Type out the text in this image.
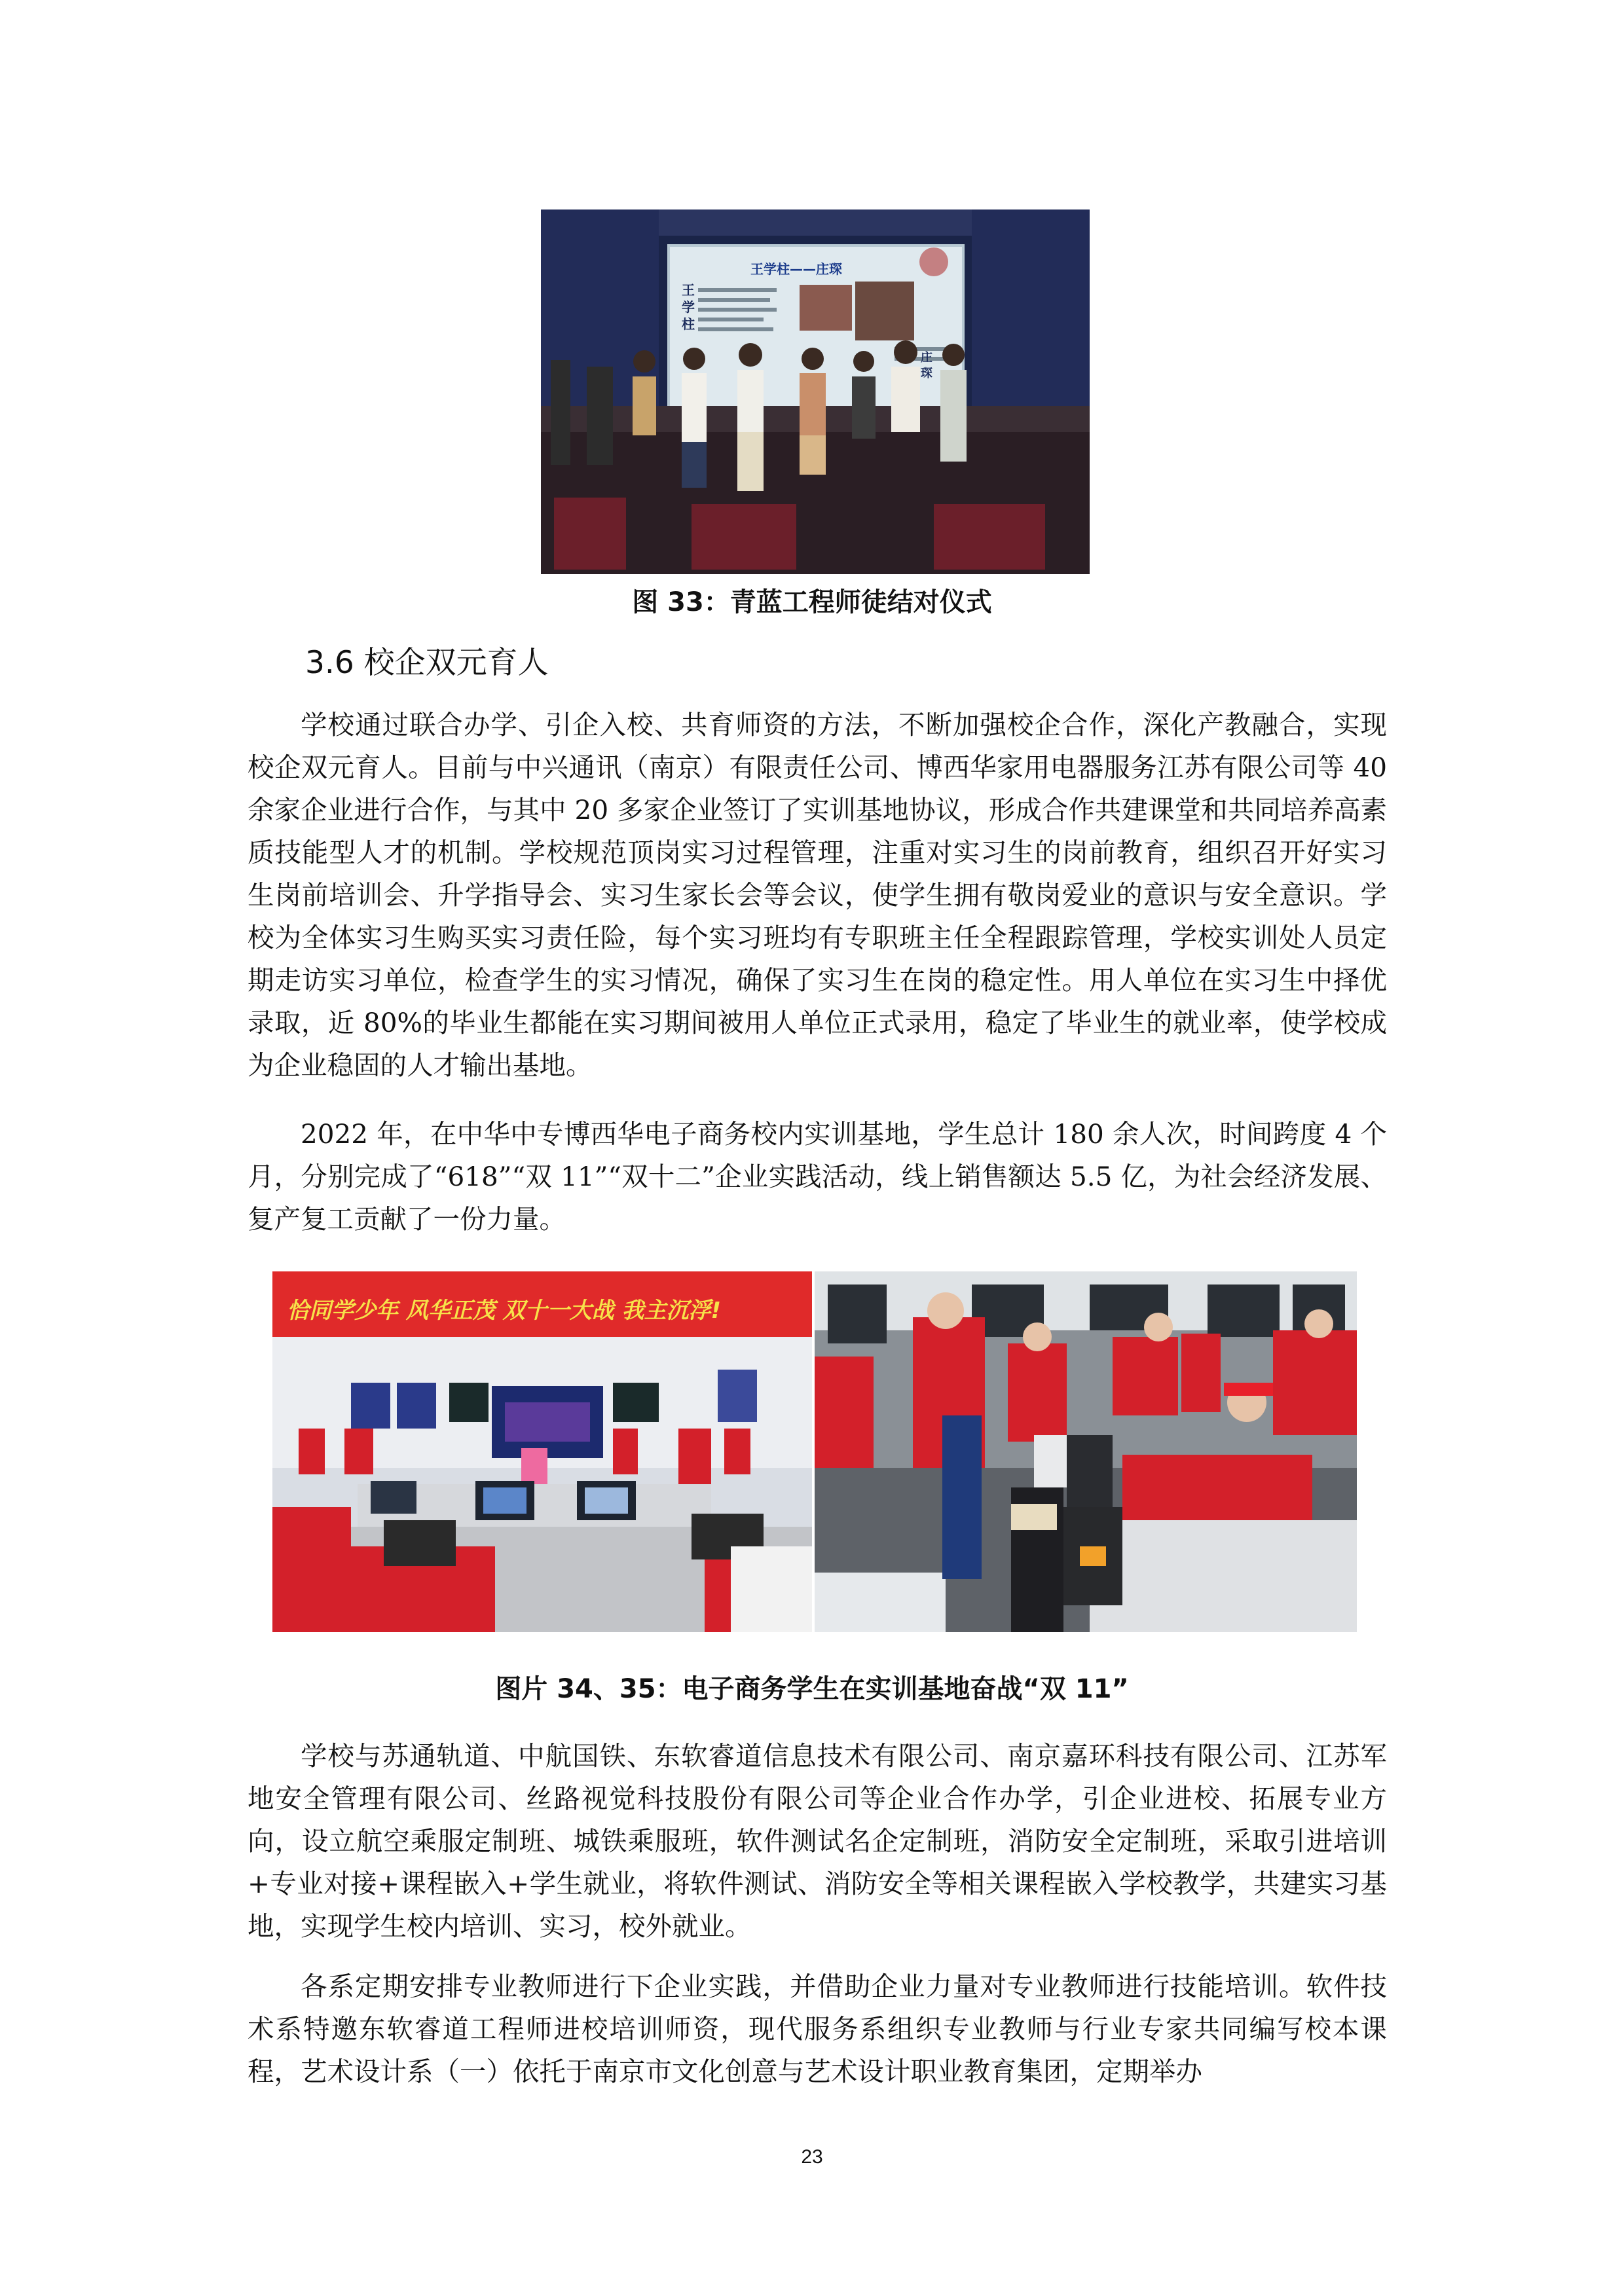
王学柱——庄琛
王学柱
庄琛
图 33：青蓝工程师徒结对仪式
3.6 校企双元育人
学校通过联合办学、引企入校、共育师资的方法，不断加强校企合作，深化产教融合，实现校企双元育人。目前与中兴通讯（南京）有限责任公司、博西华家用电器服务江苏有限公司等 40 余家企业进行合作，与其中 20 多家企业签订了实训基地协议，形成合作共建课堂和共同培养高素质技能型人才的机制。学校规范顶岗实习过程管理，注重对实习生的岗前教育，组织召开好实习生岗前培训会、升学指导会、实习生家长会等会议，使学生拥有敬岗爱业的意识与安全意识。学校为全体实习生购买实习责任险，每个实习班均有专职班主任全程跟踪管理，学校实训处人员定期走访实习单位，检查学生的实习情况，确保了实习生在岗的稳定性。用人单位在实习生中择优录取，近 80%的毕业生都能在实习期间被用人单位正式录用，稳定了毕业生的就业率，使学校成为企业稳固的人才输出基地。
2022 年，在中华中专博西华电子商务校内实训基地，学生总计 180 余人次，时间跨度 4 个月，分别完成了“618”“双 11”“双十二”企业实践活动，线上销售额达 5.5 亿，为社会经济发展、复产复工贡献了一份力量。
恰同学少年 风华正茂 双十一大战 我主沉浮!
图片 34、35：电子商务学生在实训基地奋战“双 11”
学校与苏通轨道、中航国铁、东软睿道信息技术有限公司、南京嘉环科技有限公司、江苏军地安全管理有限公司、丝路视觉科技股份有限公司等企业合作办学，引企业进校、拓展专业方向，设立航空乘服定制班、城铁乘服班，软件测试名企定制班，消防安全定制班，采取引进培训+专业对接+课程嵌入+学生就业，将软件测试、消防安全等相关课程嵌入学校教学，共建实习基地，实现学生校内培训、实习，校外就业。
各系定期安排专业教师进行下企业实践，并借助企业力量对专业教师进行技能培训。软件技术系特邀东软睿道工程师进校培训师资，现代服务系组织专业教师与行业专家共同编写校本课程，艺术设计系（一）依托于南京市文化创意与艺术设计职业教育集团，定期举办
23
